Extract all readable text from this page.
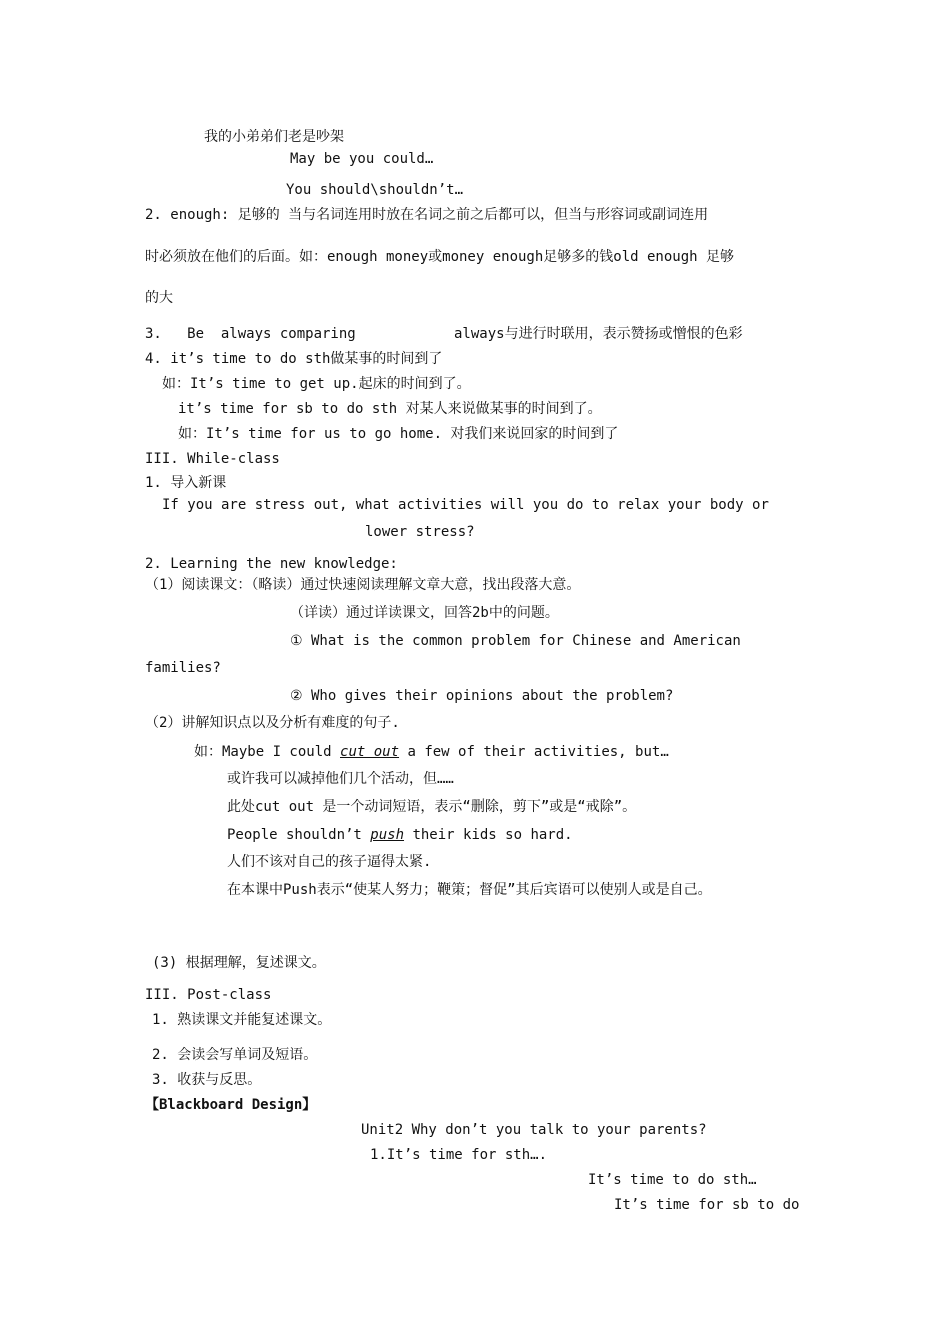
我的小弟弟们老是吵架
May be you could…
You should\shouldn’t…
2. enough: 足够的 当与名词连用时放在名词之前之后都可以，但当与形容词或副词连用
时必须放在他们的后面。如：enough money或money enough足够多的钱old enough 足够
的大
3.   Be  always comparing	always与进行时联用，表示赞扬或憎恨的色彩
4. it’s time to do sth做某事的时间到了
如：It’s time to get up.起床的时间到了。
it’s time for sb to do sth 对某人来说做某事的时间到了。
如：It’s time for us to go home. 对我们来说回家的时间到了
III. While-class
1. 导入新课
If you are stress out, what activities will you do to relax your body or
lower stress?
2. Learning the new knowledge:
（1）阅读课文：（略读）通过快速阅读理解文章大意，找出段落大意。
（详读）通过详读课文，回答2b中的问题。
① What is the common problem for Chinese and American
families?
② Who gives their opinions about the problem?
（2）讲解知识点以及分析有难度的句子.
如：Maybe I could cut out a few of their activities, but…
或许我可以减掉他们几个活动，但……
此处cut out 是一个动词短语，表示“删除，剪下”或是“戒除”。
People shouldn’t push their kids so hard.
人们不该对自己的孩子逼得太紧.
在本课中Push表示“使某人努力；鞭策；督促”其后宾语可以使别人或是自己。
(3) 根据理解，复述课文。
III. Post-class
1. 熟读课文并能复述课文。
2. 会读会写单词及短语。
3. 收获与反思。
【Blackboard Design】
Unit2 Why don’t you talk to your parents?
1.It’s time for sth….
It’s time to do sth…
It’s time for sb to do
